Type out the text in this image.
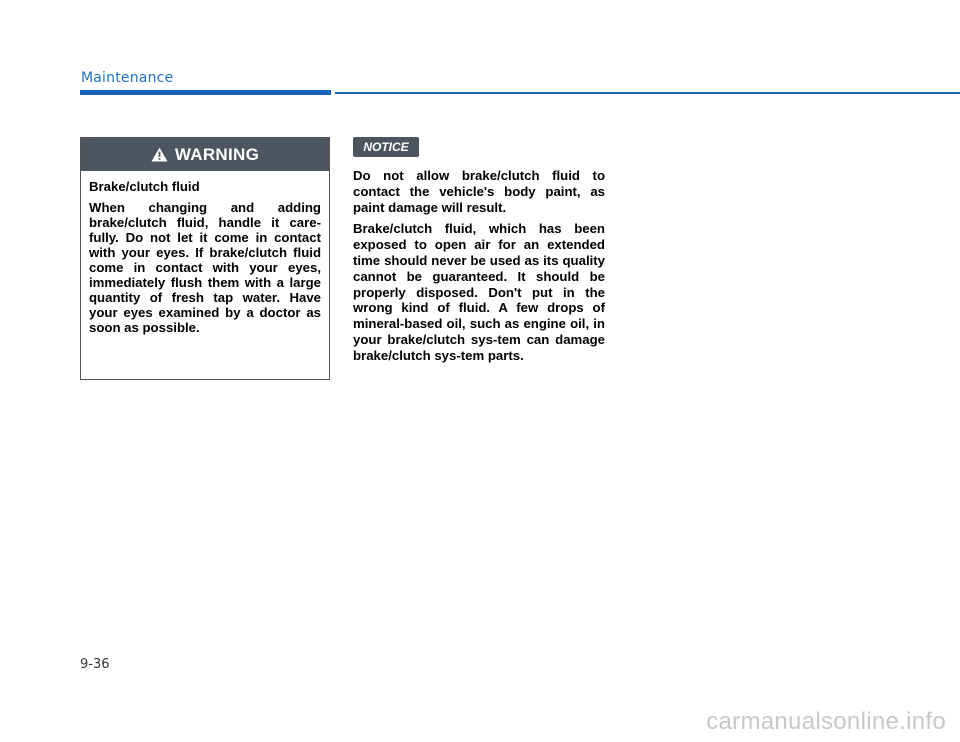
Maintenance
WARNING

Brake/clutch fluid

When changing and adding brake/clutch fluid, handle it care-fully. Do not let it come in contact with your eyes. If brake/clutch fluid come in contact with your eyes, immediately flush them with a large quantity of fresh tap water. Have your eyes examined by a doctor as soon as possible.

NOTICE

Do not allow brake/clutch fluid to contact the vehicle's body paint, as paint damage will result.

Brake/clutch fluid, which has been exposed to open air for an extended time should never be used as its quality cannot be guaranteed. It should be properly disposed. Don't put in the wrong kind of fluid. A few drops of mineral-based oil, such as engine oil, in your brake/clutch sys-tem can damage brake/clutch sys-tem parts.

9-36
carmanualsonline.info
